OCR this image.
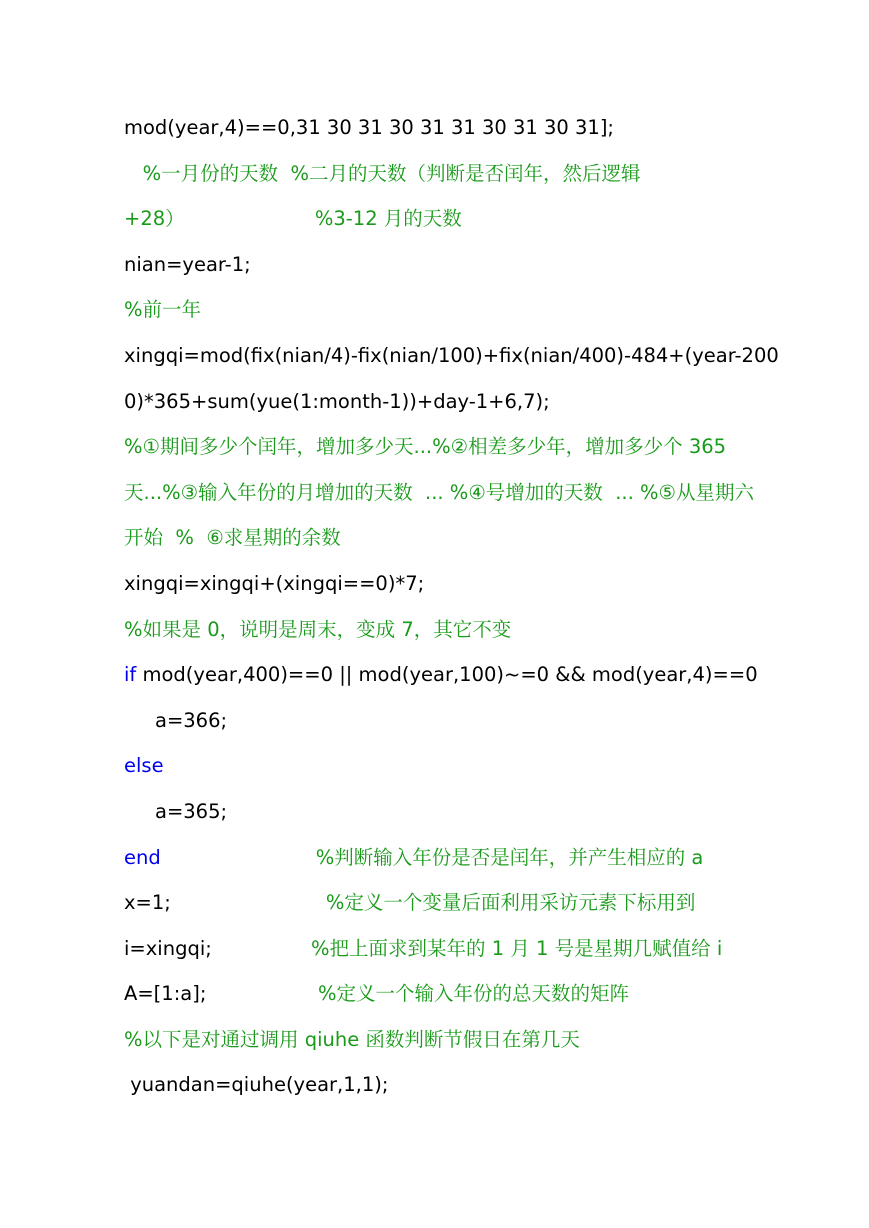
mod(year,4)==0,31 30 31 30 31 31 30 31 30 31];
%一月份的天数  %二月的天数（判断是否闰年，然后逻辑
+28）                     %3-12 月的天数
nian=year-1;
%前一年
xingqi=mod(fix(nian/4)-fix(nian/100)+fix(nian/400)-484+(year-200
0)*365+sum(yue(1:month-1))+day-1+6,7);
%①期间多少个闰年，增加多少天...%②相差多少年，增加多少个 365
天...%③输入年份的月增加的天数  ... %④号增加的天数  ... %⑤从星期六
开始  %  ⑥求星期的余数
xingqi=xingqi+(xingqi==0)*7;
%如果是 0，说明是周末，变成 7，其它不变
if mod(year,400)==0 || mod(year,100)~=0 && mod(year,4)==0
a=366;
else
a=365;
end                         %判断输入年份是否是闰年，并产生相应的 a
x=1;                         %定义一个变量后面利用采访元素下标用到
i=xingqi;                %把上面求到某年的 1 月 1 号是星期几赋值给 i
A=[1:a];                  %定义一个输入年份的总天数的矩阵
%以下是对通过调用 qiuhe 函数判断节假日在第几天
yuandan=qiuhe(year,1,1);
